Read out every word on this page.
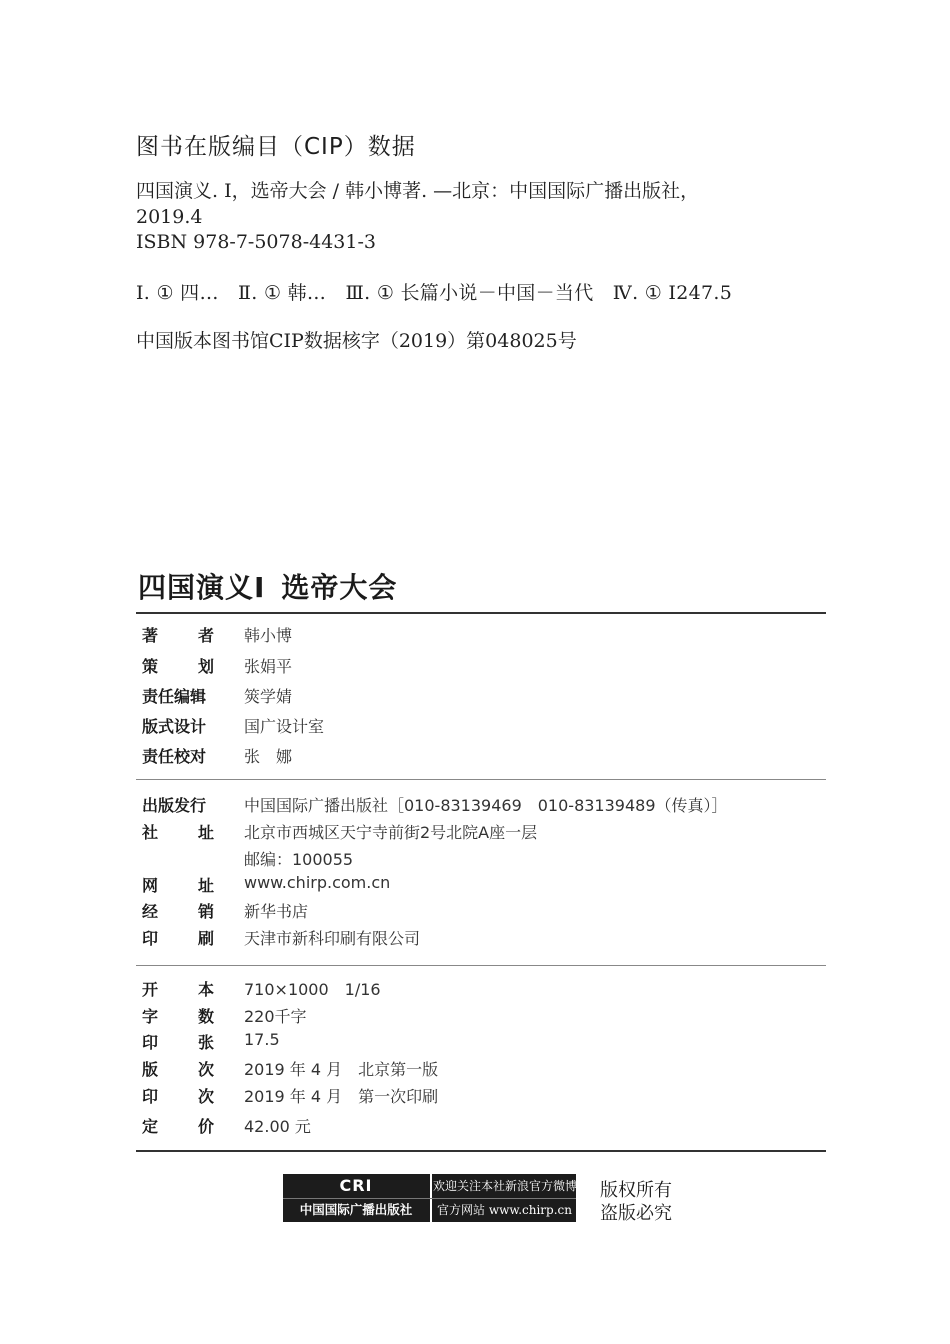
图书在版编目（CIP）数据
四国演义. Ⅰ，选帝大会 / 韩小博著. —北京：中国国际广播出版社，
2019.4
ISBN 978-7-5078-4431-3
Ⅰ. ① 四…　Ⅱ. ① 韩…　Ⅲ. ① 长篇小说－中国－当代　Ⅳ. ① I247.5
中国版本图书馆CIP数据核字（2019）第048025号
四国演义Ⅰ 选帝大会
著 者 韩小博
策 划 张娟平
责任编辑 筴学婧
版式设计 国广设计室
责任校对 张　娜
出版发行 中国国际广播出版社［010-83139469　010-83139489（传真）］
社 址 北京市西城区天宁寺前街2号北院A座一层
邮编：100055
网 址 www.chirp.com.cn
经 销 新华书店
印 刷 天津市新科印刷有限公司
开 本 710×1000　1/16
字 数 220千字
印 张 17.5
版 次 2019 年 4 月　北京第一版
印 次 2019 年 4 月　第一次印刷
定 价 42.00 元
CRI
中国国际广播出版社
欢迎关注本社新浪官方微博
官方网站 www.chirp.cn
版权所有
盗版必究
